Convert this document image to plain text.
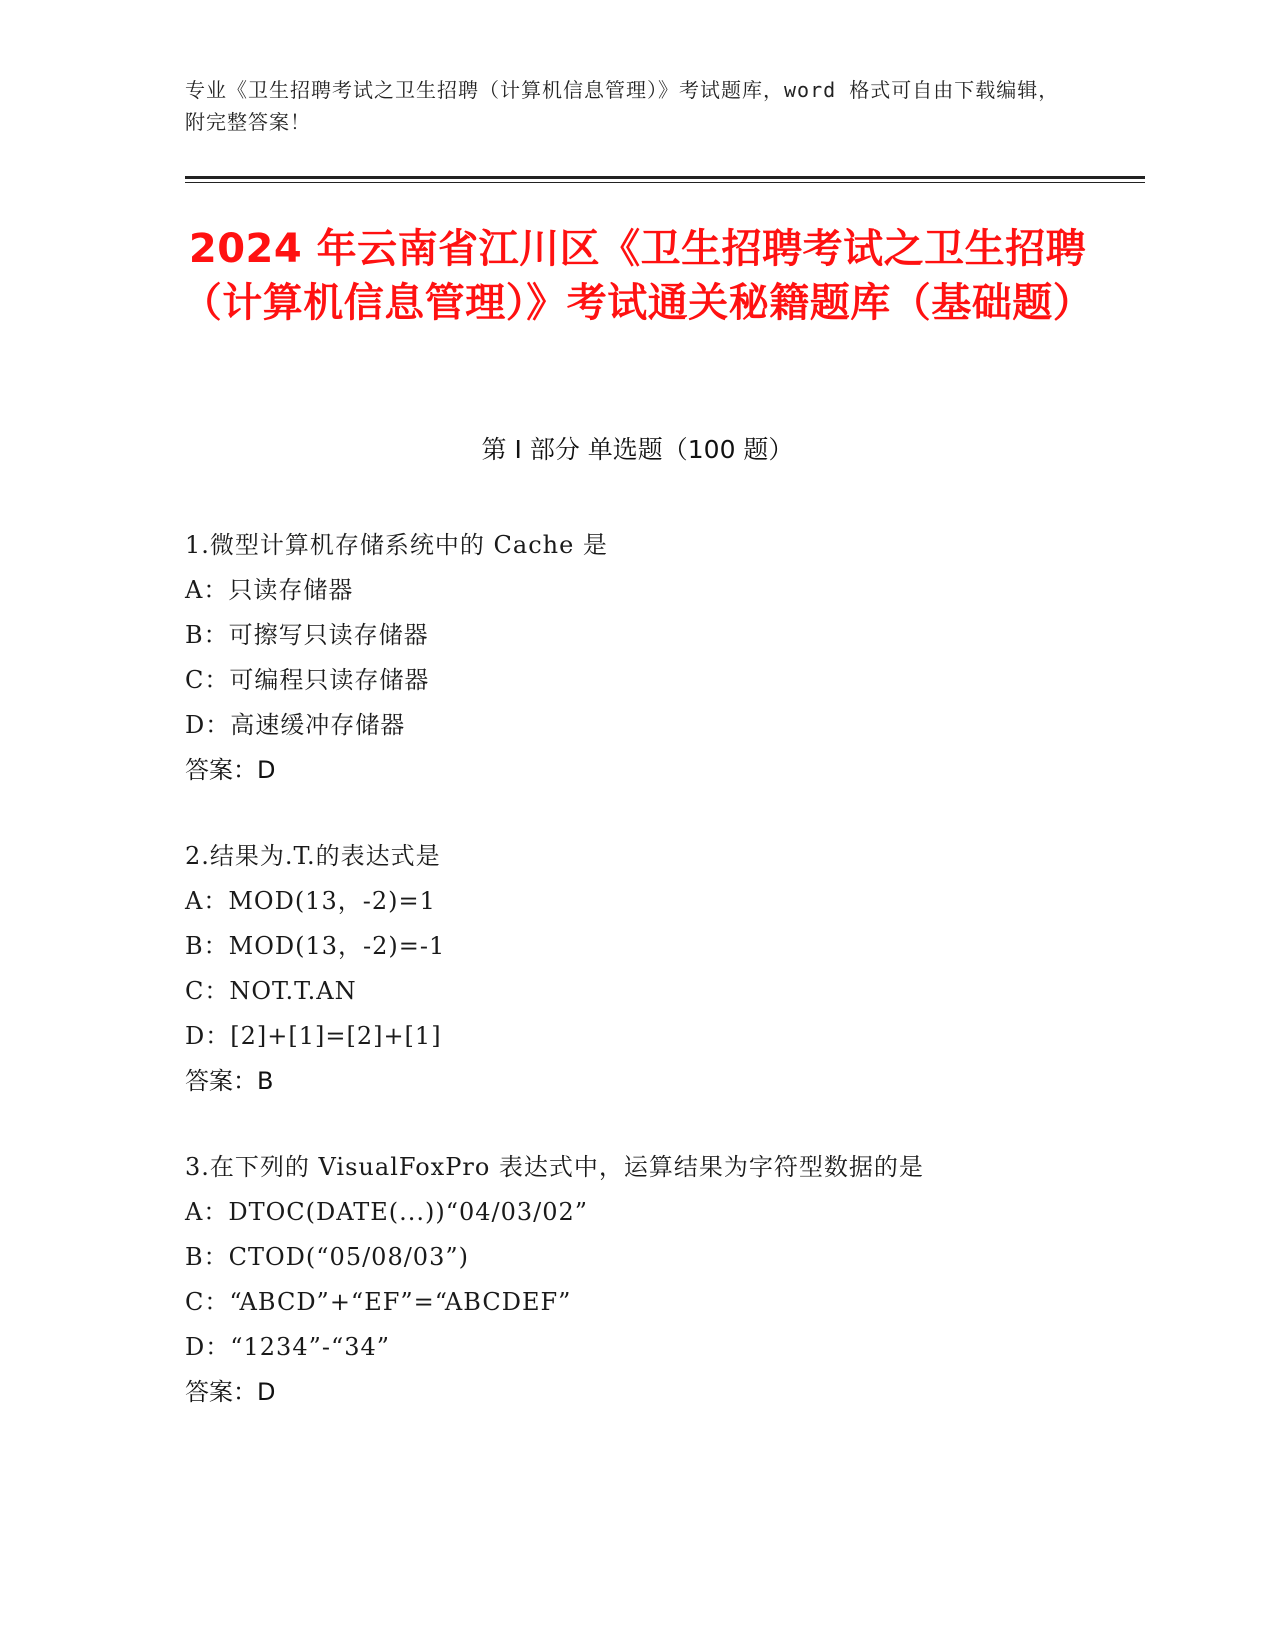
专业《卫生招聘考试之卫生招聘（计算机信息管理）》考试题库，word 格式可自由下载编辑，附完整答案！
2024 年云南省江川区《卫生招聘考试之卫生招聘（计算机信息管理）》考试通关秘籍题库（基础题）
第 I 部分 单选题（100 题）
1.微型计算机存储系统中的 Cache 是
A：只读存储器
B：可擦写只读存储器
C：可编程只读存储器
D：高速缓冲存储器
答案：D
2.结果为.T.的表达式是
A：MOD(13，-2)=1
B：MOD(13，-2)=-1
C：NOT.T.AN
D：[2]+[1]=[2]+[1]
答案：B
3.在下列的 VisualFoxPro 表达式中，运算结果为字符型数据的是
A：DTOC(DATE(...))“04/03/02”
B：CTOD(“05/08/03”)
C：“ABCD”+“EF”=“ABCDEF”
D：“1234”-“34”
答案：D
